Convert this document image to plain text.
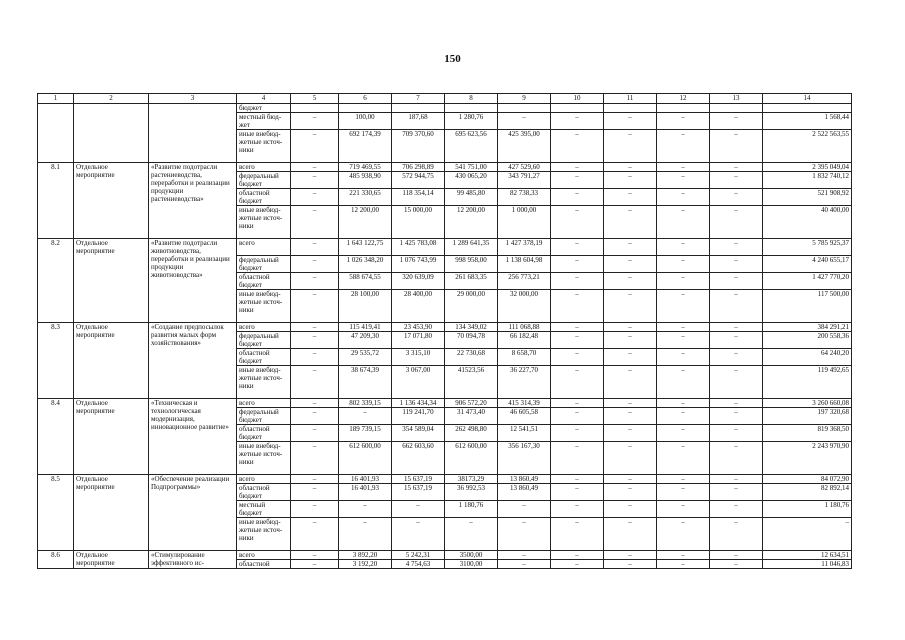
150
1	2	3	4	5	6	7	8	9	10	11	12	13	14
			бюджет										
			местный бюд-жет	–	100,00	187,68	1 280,76	–	–	–	–	–	1 568,44
			иные внебюд-жетные источ-ники	–	692 174,39	709 370,60	695 623,56	425 395,00	–	–	–	–	2 522 563,55
8.1	Отдельное мероприятие	«Развитие подотрасли растениеводства, переработки и реализации продукции растениеводства»	всего	–	719 469,55	706 298,89	541 751,00	427 529,60	–	–	–	–	2 395 049,04
			федеральный бюджет	–	485 938,90	572 944,75	430 065,20	343 791,27	–	–	–	–	1 832 740,12
			областной бюджет	–	221 330,65	118 354,14	99 485,80	82 738,33	–	–	–	–	521 908,92
			иные внебюд-жетные источ-ники	–	12 200,00	15 000,00	12 200,00	1 000,00	–	–	–	–	40 400,00
8.2	Отдельное мероприятие	«Развитие подотрасли животноводства, переработки и реализации продукции животноводства»	всего	–	1 643 122,75	1 425 783,08	1 289 641,35	1 427 378,19	–	–	–	–	5 785 925,37
			федеральный бюджет	–	1 026 348,20	1 076 743,99	998 958,00	1 138 604,98	–	–	–	–	4 240 655,17
			областной бюджет	–	588 674,55	320 639,09	261 683,35	256 773,21	–	–	–	–	1 427 770,20
			иные внебюд-жетные источ-ники	–	28 100,00	28 400,00	29 000,00	32 000,00	–	–	–	–	117 500,00
8.3	Отдельное мероприятие	«Создание предпосылок развития малых форм хозяйствования»	всего	–	115 419,41	23 453,90	134 349,02	111 068,88	–	–	–	–	384 291,21
			федеральный бюджет	–	47 209,30	17 071,80	70 094,78	66 182,48	–	–	–	–	200 558,36
			областной бюджет	–	29 535,72	3 315,10	22 730,68	8 658,70	–	–	–	–	64 240,20
			иные внебюд-жетные источ-ники	–	38 674,39	3 067,00	41523,56	36 227,70	–	–	–	–	119 492,65
8.4	Отдельное мероприятие	«Техническая и технологическая модернизация, инновационное развитие»	всего	–	802 339,15	1 136 434,34	906 572,20	415 314,39	–	–	–	–	3 260 660,08
			федеральный бюджет	–	–	119 241,70	31 473,40	46 605,58	–	–	–	–	197 320,68
			областной бюджет	–	189 739,15	354 589,04	262 498,80	12 541,51	–	–	–	–	819 368,50
			иные внебюд-жетные источ-ники	–	612 600,00	662 603,60	612 600,00	356 167,30	–	–	–	–	2 243 970,90
8.5	Отдельное мероприятие	«Обеспечение реализации Подпрограммы»	всего	–	16 401,93	15 637,19	38173,29	13 860,49	–	–	–	–	84 072,90
			областной бюджет	–	16 401,93	15 637,19	36 992,53	13 860,49	–	–	–	–	82 892,14
			местный бюджет	–	–	–	1 180,76	–	–	–	–	–	1 180,76
			иные внебюд-жетные источ-ники	–	–	–	–	–	–	–	–	–	–
8.6	Отдельное мероприятие	«Стимулирование эффективного ис-	всего	–	3 892,20	5 242,31	3500,00	–	–	–	–	–	12 634,51
			областной	–	3 192,20	4 754,63	3100,00	–	–	–	–	–	11 046,83
